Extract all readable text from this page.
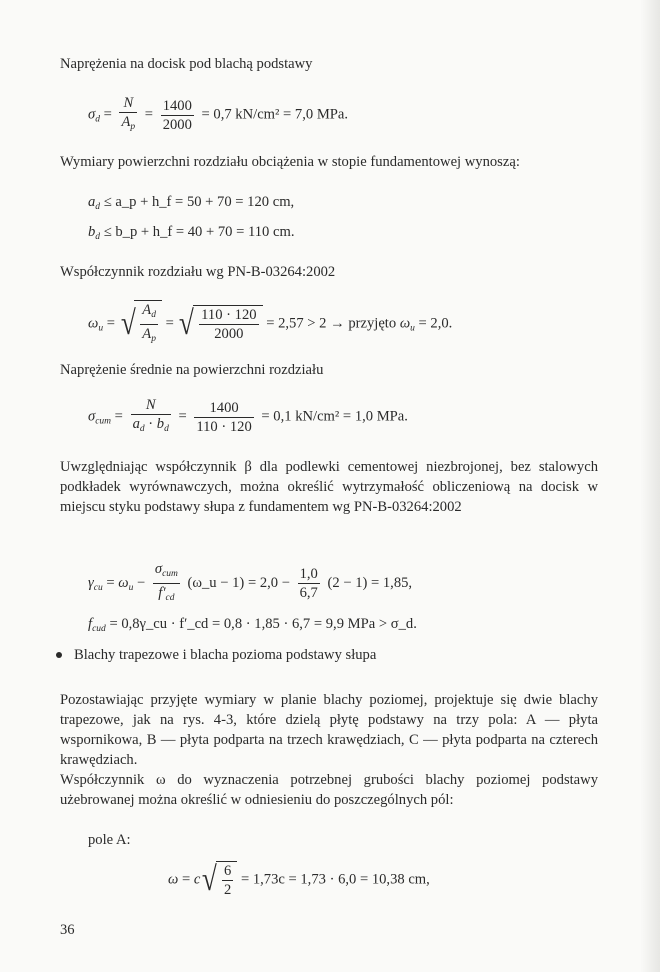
Naprężenia na docisk pod blachą podstawy
$\sigma_d = \frac{N}{A_p} = \frac{1400}{2000} = 0,7$ kN/cm² = 7,0 MPa.
Wymiary powierzchni rozdziału obciążenia w stopie fundamentowej wynoszą:
$a_d$ ≤ a_p + h_f = 50 + 70 = 120 cm,
$b_d$ ≤ b_p + h_f = 40 + 70 = 110 cm.
Współczynnik rozdziału wg PN-B-03264:2002
$\omega_u$ = √ $\frac{A_d}{A_p}$ = √ $\frac{110 \cdot 120}{2000} = 2,57 > 2$ → przyjęto $\omega_u = 2,0$.
Naprężenie średnie na powierzchni rozdziału
$\sigma_{cum} = \frac{N}{a_d \cdot b_d} = \frac{1400}{110 \cdot 120} = 0,1$ kN/cm² = 1,0 MPa.
Uwzględniając współczynnik β dla podlewki cementowej niezbrojonej, bez stalowych podkładek wyrównawczych, można określić wytrzymałość obliczeniową na docisk w miejscu styku podstawy słupa z fundamentem wg PN-B-03264:2002
$\gamma_{cu} = \omega_u - \frac{\sigma_{cum}}{f'_{cd}}$ (ω_u − $1) = 2,0 - \frac{1,0}{6,7} (2 - 1) = 1,85$,
$f_{cud}$ = 0,8γ_cu · f′_cd = 0,8 · 1,85 · 6,7 = 9,9 MPa > σ_d.
Blachy trapezowe i blacha pozioma podstawy słupa
Pozostawiając przyjęte wymiary w planie blachy poziomej, projektuje się dwie blachy trapezowe, jak na rys. 4-3, które dzielą płytę podstawy na trzy pola: A — płyta wspornikowa, B — płyta podparta na trzech krawędziach, C — płyta podparta na czterech krawędziach.
Współczynnik ω do wyznaczenia potrzebnej grubości blachy poziomej podstawy użebrowanej można określić w odniesieniu do poszczególnych pól:
pole A:
$\omega = c√ \frac{6}{2} = 1,73c = 1,73 \cdot 6,0 = 10,38$ cm,
36
